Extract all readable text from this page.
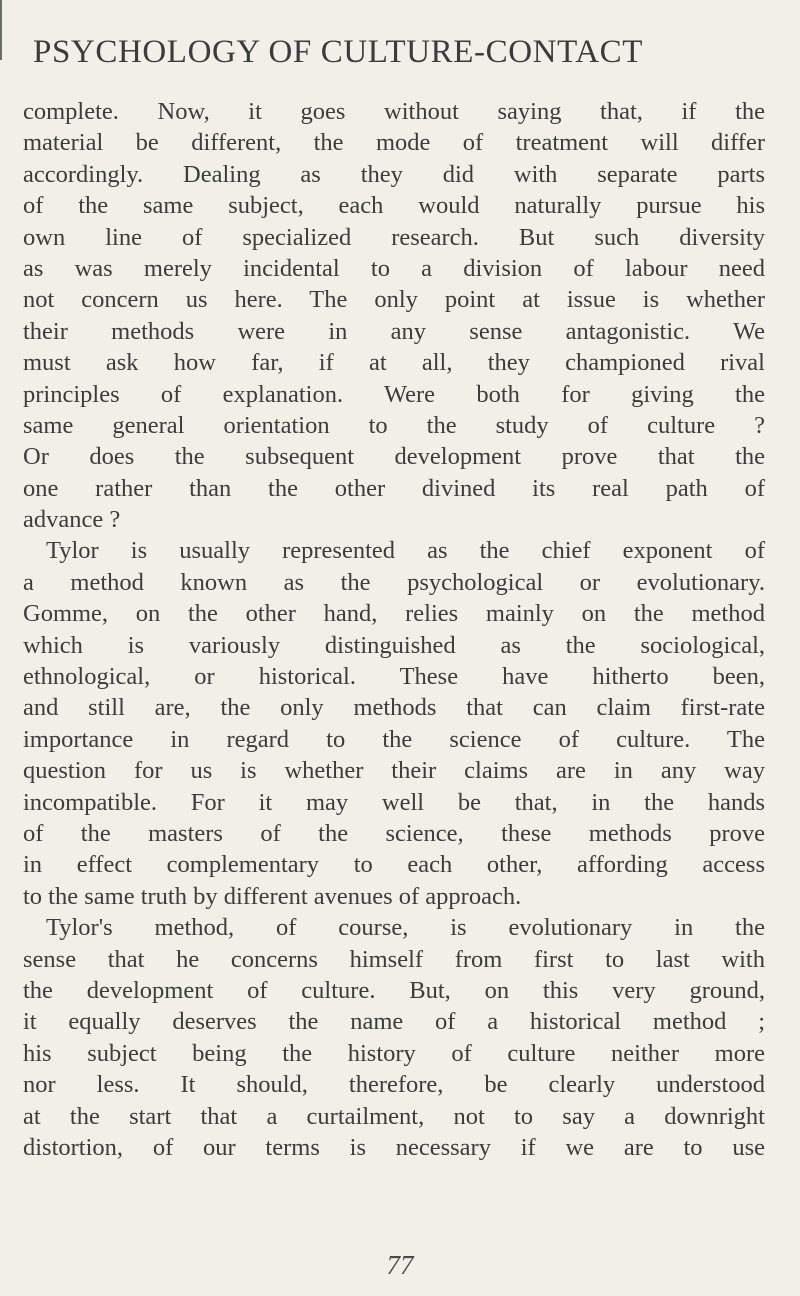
PSYCHOLOGY OF CULTURE-CONTACT
complete. Now, it goes without saying that, if the
material be different, the mode of treatment will differ
accordingly. Dealing as they did with separate parts
of the same subject, each would naturally pursue his
own line of specialized research. But such diversity
as was merely incidental to a division of labour need
not concern us here. The only point at issue is whether
their methods were in any sense antagonistic. We
must ask how far, if at all, they championed rival
principles of explanation. Were both for giving the
same general orientation to the study of culture ?
Or does the subsequent development prove that the
one rather than the other divined its real path of
advance ?
Tylor is usually represented as the chief exponent of
a method known as the psychological or evolutionary.
Gomme, on the other hand, relies mainly on the method
which is variously distinguished as the sociological,
ethnological, or historical. These have hitherto been,
and still are, the only methods that can claim first-rate
importance in regard to the science of culture. The
question for us is whether their claims are in any way
incompatible. For it may well be that, in the hands
of the masters of the science, these methods prove
in effect complementary to each other, affording access
to the same truth by different avenues of approach.
Tylor's method, of course, is evolutionary in the
sense that he concerns himself from first to last with
the development of culture. But, on this very ground,
it equally deserves the name of a historical method ;
his subject being the history of culture neither more
nor less. It should, therefore, be clearly understood
at the start that a curtailment, not to say a downright
distortion, of our terms is necessary if we are to use
77
